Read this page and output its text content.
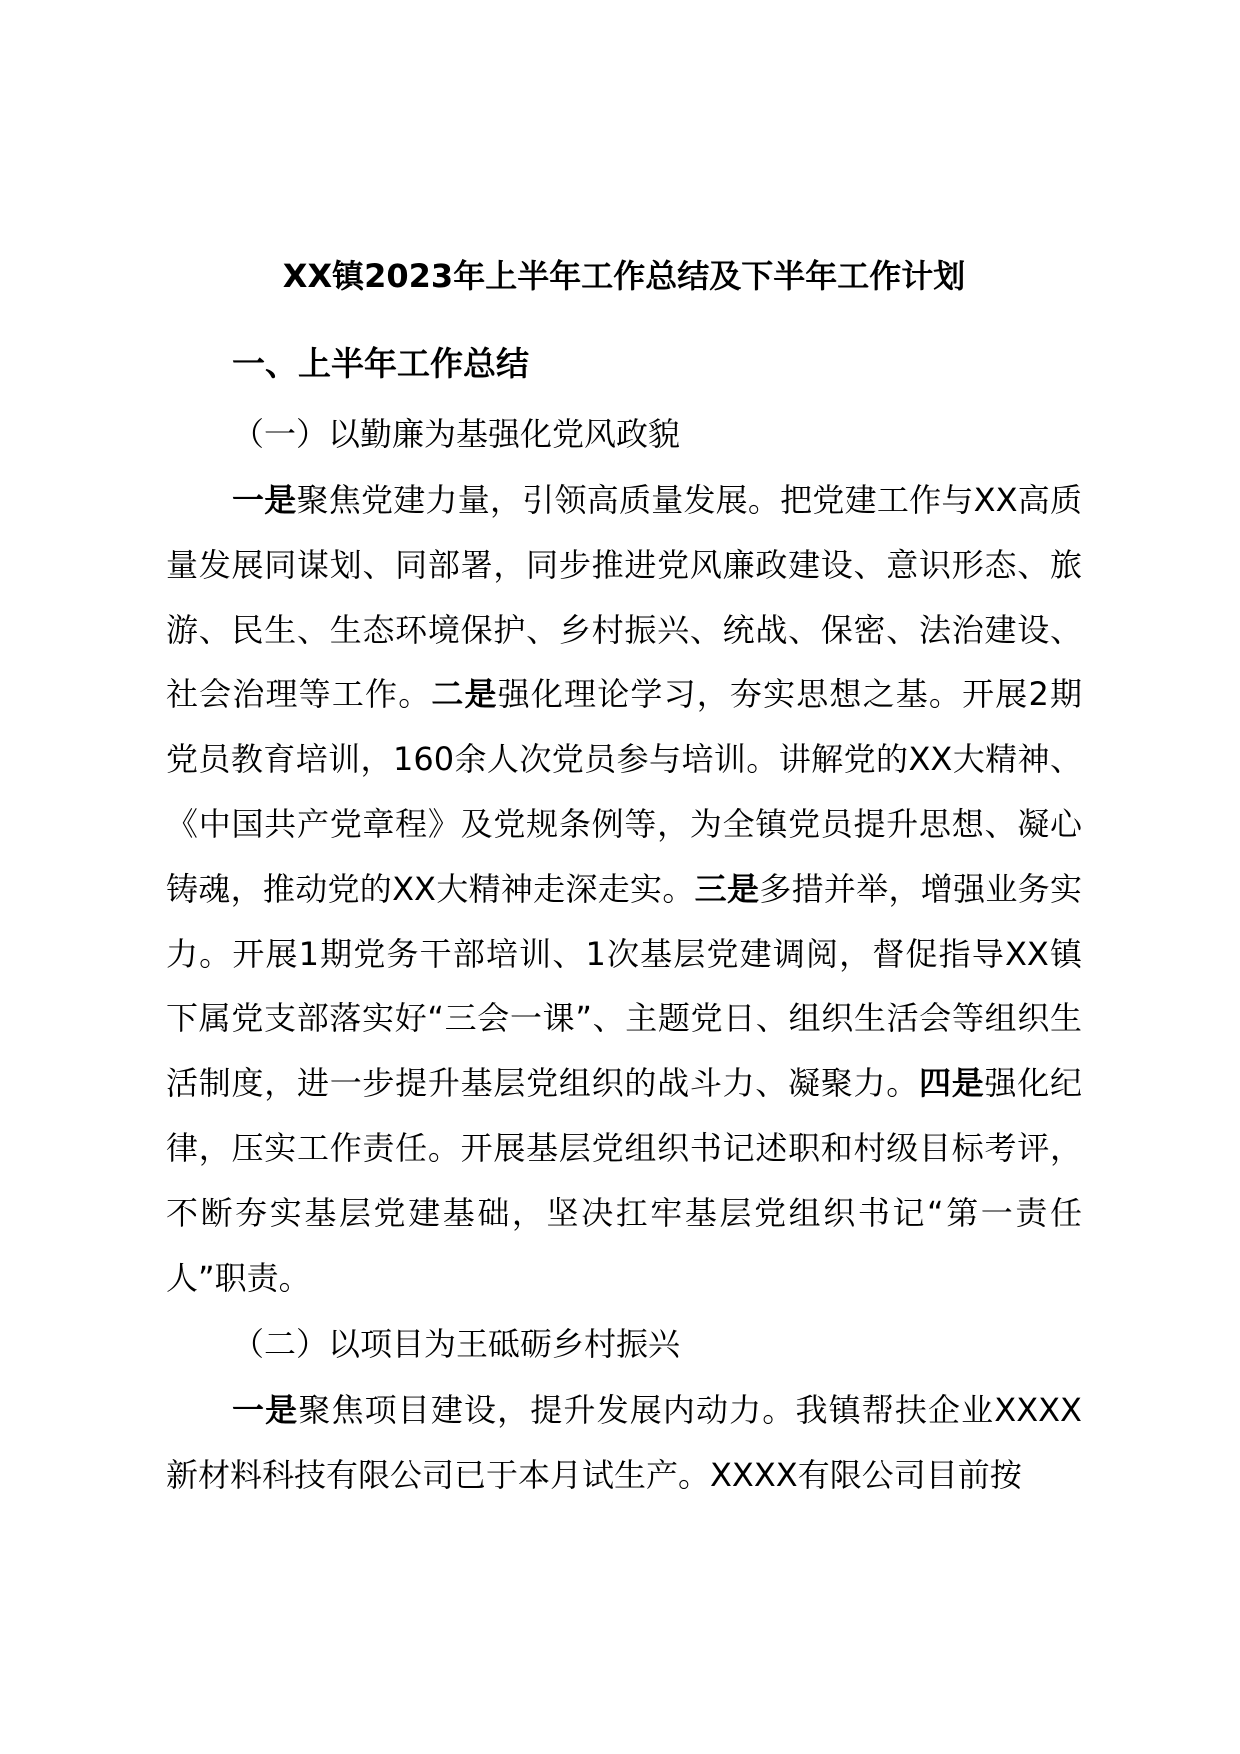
XX镇2023年上半年工作总结及下半年工作计划
一、上半年工作总结
（一）以勤廉为基强化党风政貌

一是聚焦党建力量，引领高质量发展。把党建工作与XX高质量发展同谋划、同部署，同步推进党风廉政建设、意识形态、旅游、民生、生态环境保护、乡村振兴、统战、保密、法治建设、社会治理等工作。二是强化理论学习，夯实思想之基。开展2期党员教育培训，160余人次党员参与培训。讲解党的XX大精神、《中国共产党章程》及党规条例等，为全镇党员提升思想、凝心铸魂，推动党的XX大精神走深走实。三是多措并举，增强业务实力。开展1期党务干部培训、1次基层党建调阅，督促指导XX镇下属党支部落实好“三会一课”、主题党日、组织生活会等组织生活制度，进一步提升基层党组织的战斗力、凝聚力。四是强化纪律，压实工作责任。开展基层党组织书记述职和村级目标考评，不断夯实基层党建基础，坚决扛牢基层党组织书记“第一责任人”职责。

（二）以项目为王砥砺乡村振兴

一是聚焦项目建设，提升发展内动力。我镇帮扶企业XXXX新材料科技有限公司已于本月试生产。XXXX有限公司目前按
